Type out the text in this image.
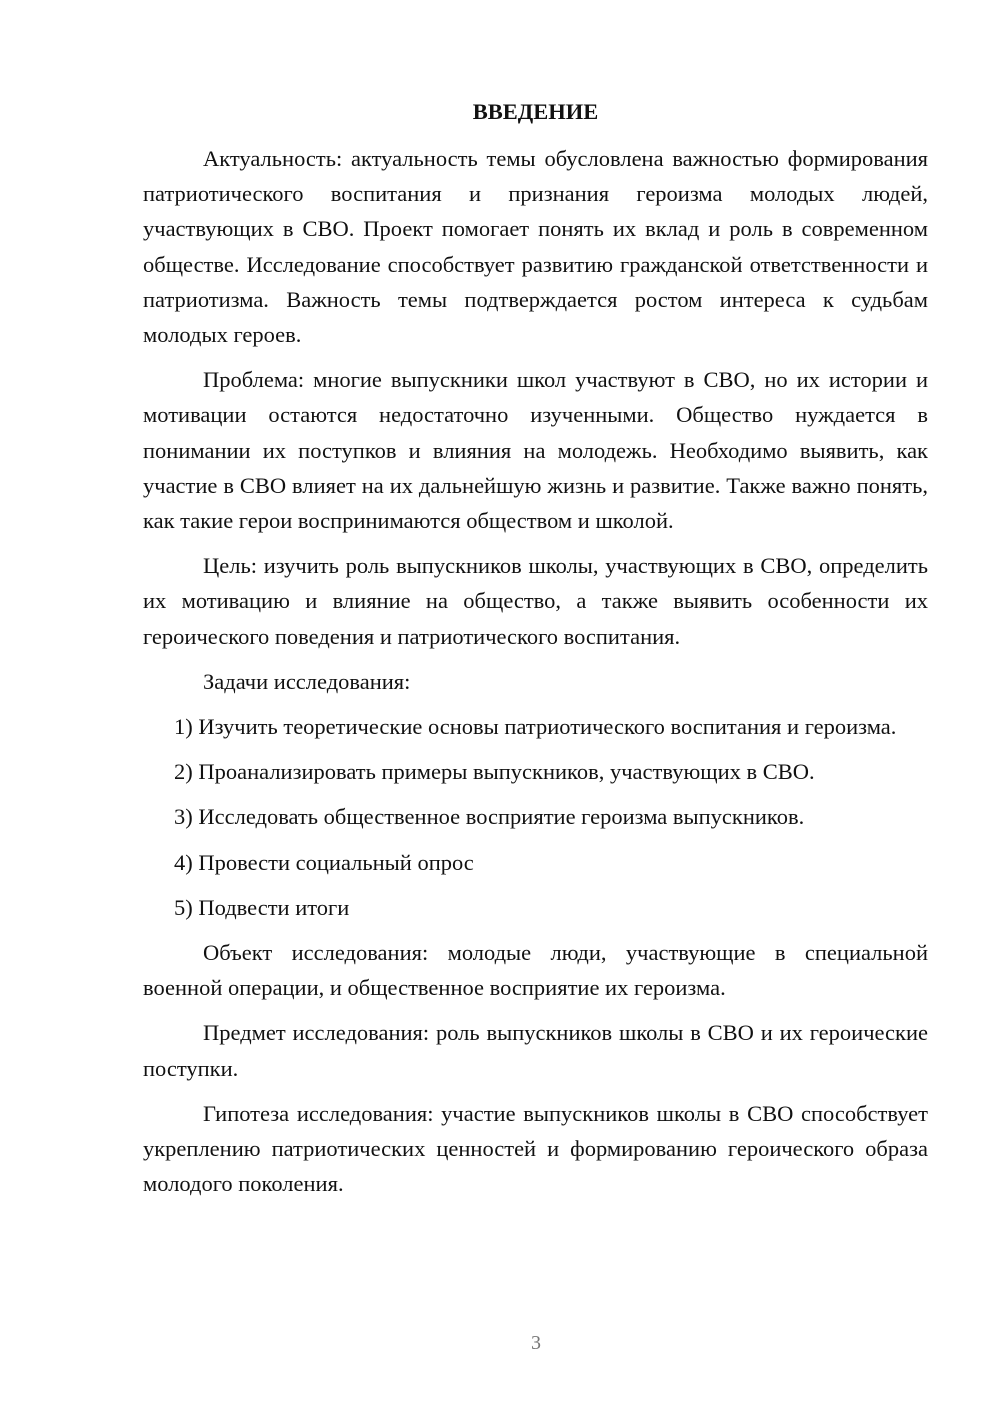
ВВЕДЕНИЕ

Актуальность: актуальность темы обусловлена важностью формирования патриотического воспитания и признания героизма молодых людей, участвующих в СВО. Проект помогает понять их вклад и роль в современном обществе. Исследование способствует развитию гражданской ответственности и патриотизма. Важность темы подтверждается ростом интереса к судьбам молодых героев.

Проблема: многие выпускники школ участвуют в СВО, но их истории и мотивации остаются недостаточно изученными. Общество нуждается в понимании их поступков и влияния на молодежь. Необходимо выявить, как участие в СВО влияет на их дальнейшую жизнь и развитие. Также важно понять, как такие герои воспринимаются обществом и школой.

Цель: изучить роль выпускников школы, участвующих в СВО, определить их мотивацию и влияние на общество, а также выявить особенности их героического поведения и патриотического воспитания.

Задачи исследования:

1) Изучить теоретические основы патриотического воспитания и героизма.

2) Проанализировать примеры выпускников, участвующих в СВО.

3) Исследовать общественное восприятие героизма выпускников.

4) Провести социальный опрос

5) Подвести итоги

Объект исследования: молодые люди, участвующие в специальной военной операции, и общественное восприятие их героизма.

Предмет исследования: роль выпускников школы в СВО и их героические поступки.

Гипотеза исследования: участие выпускников школы в СВО способствует укреплению патриотических ценностей и формированию героического образа молодого поколения.

3
